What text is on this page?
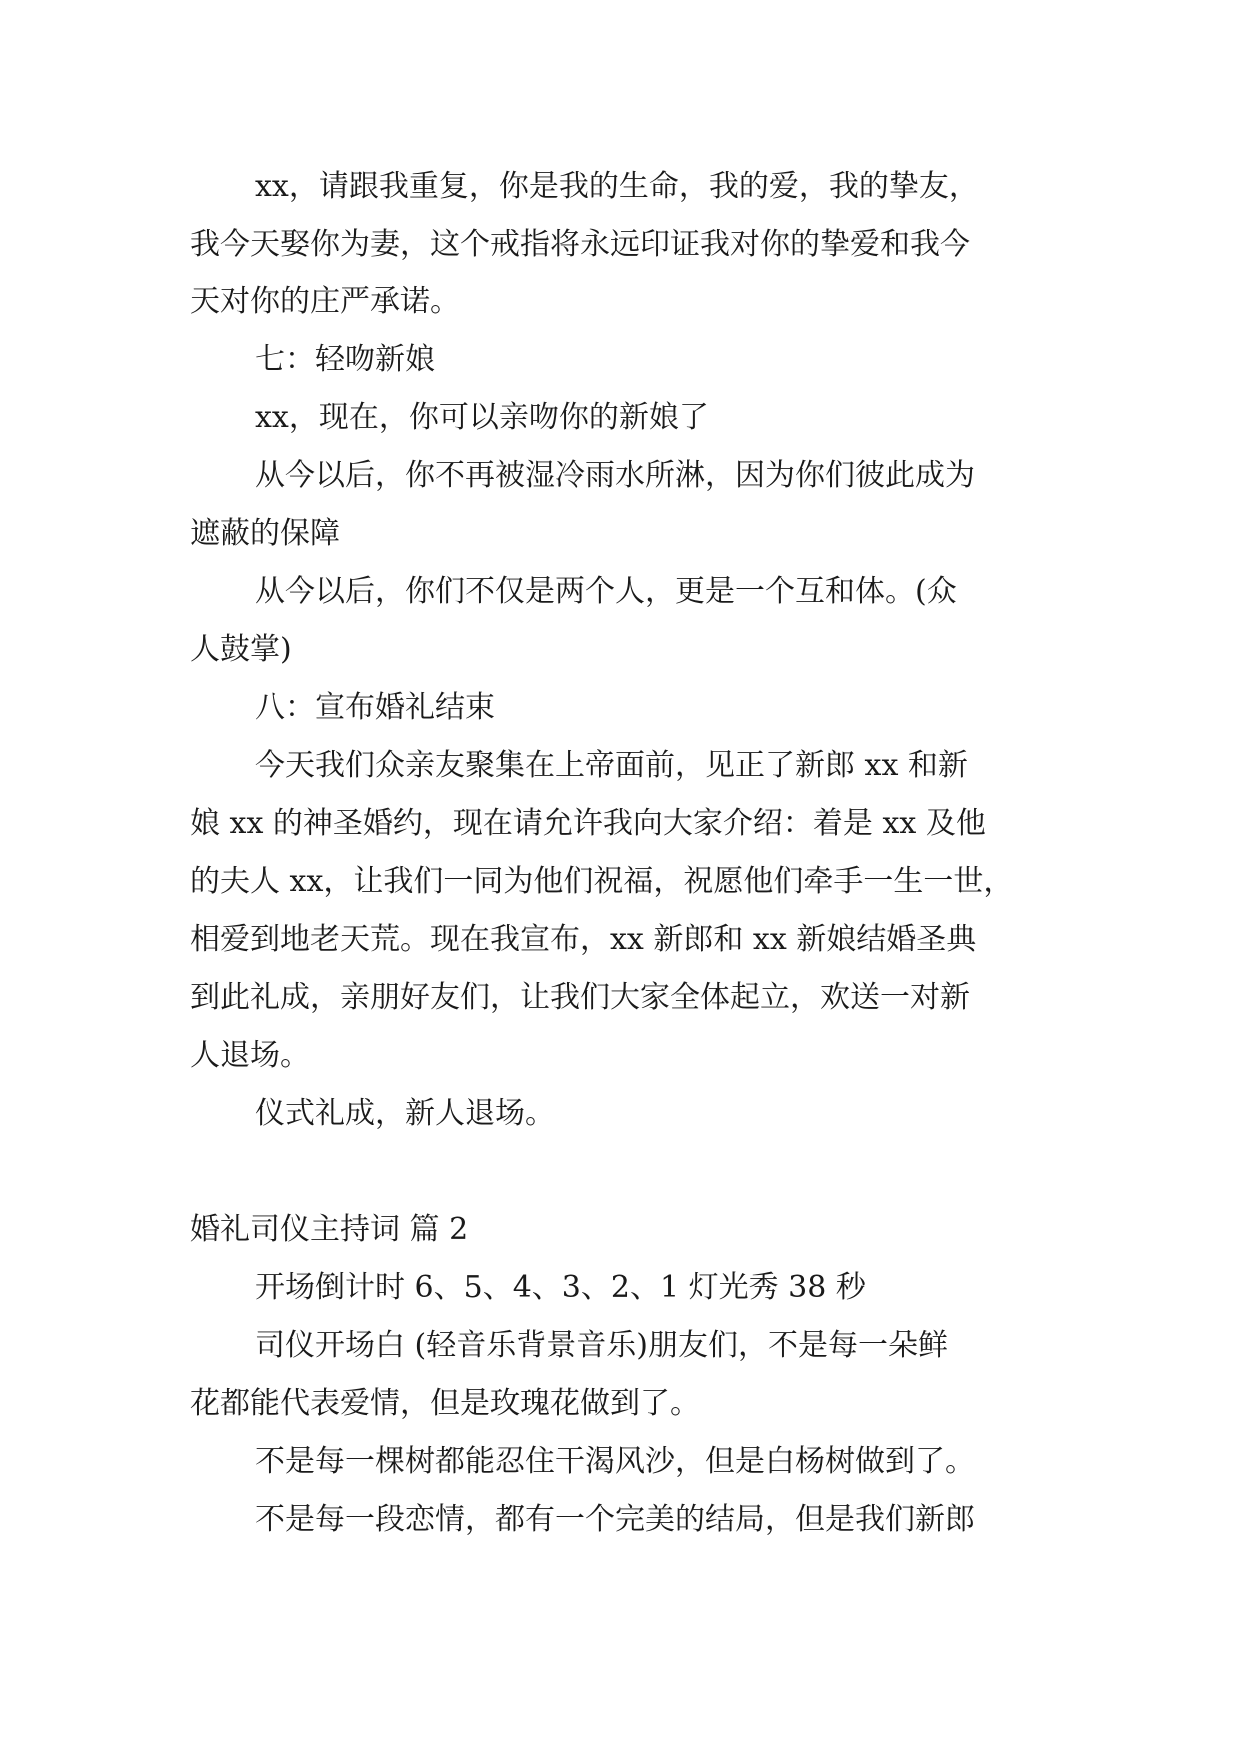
xx，请跟我重复，你是我的生命，我的爱，我的挚友，
我今天娶你为妻，这个戒指将永远印证我对你的挚爱和我今
天对你的庄严承诺。
七：轻吻新娘
xx，现在，你可以亲吻你的新娘了
从今以后，你不再被湿冷雨水所淋，因为你们彼此成为
遮蔽的保障
从今以后，你们不仅是两个人，更是一个互和体。(众
人鼓掌)
八：宣布婚礼结束
今天我们众亲友聚集在上帝面前，见正了新郎 xx 和新
娘 xx 的神圣婚约，现在请允许我向大家介绍：着是 xx 及他
的夫人 xx，让我们一同为他们祝福，祝愿他们牵手一生一世，
相爱到地老天荒。现在我宣布，xx 新郎和 xx 新娘结婚圣典
到此礼成，亲朋好友们，让我们大家全体起立，欢送一对新
人退场。
仪式礼成，新人退场。
婚礼司仪主持词 篇 2
开场倒计时 6、5、4、3、2、1 灯光秀 38 秒
司仪开场白 (轻音乐背景音乐)朋友们，不是每一朵鲜
花都能代表爱情，但是玫瑰花做到了。
不是每一棵树都能忍住干渴风沙，但是白杨树做到了。
不是每一段恋情，都有一个完美的结局，但是我们新郎
